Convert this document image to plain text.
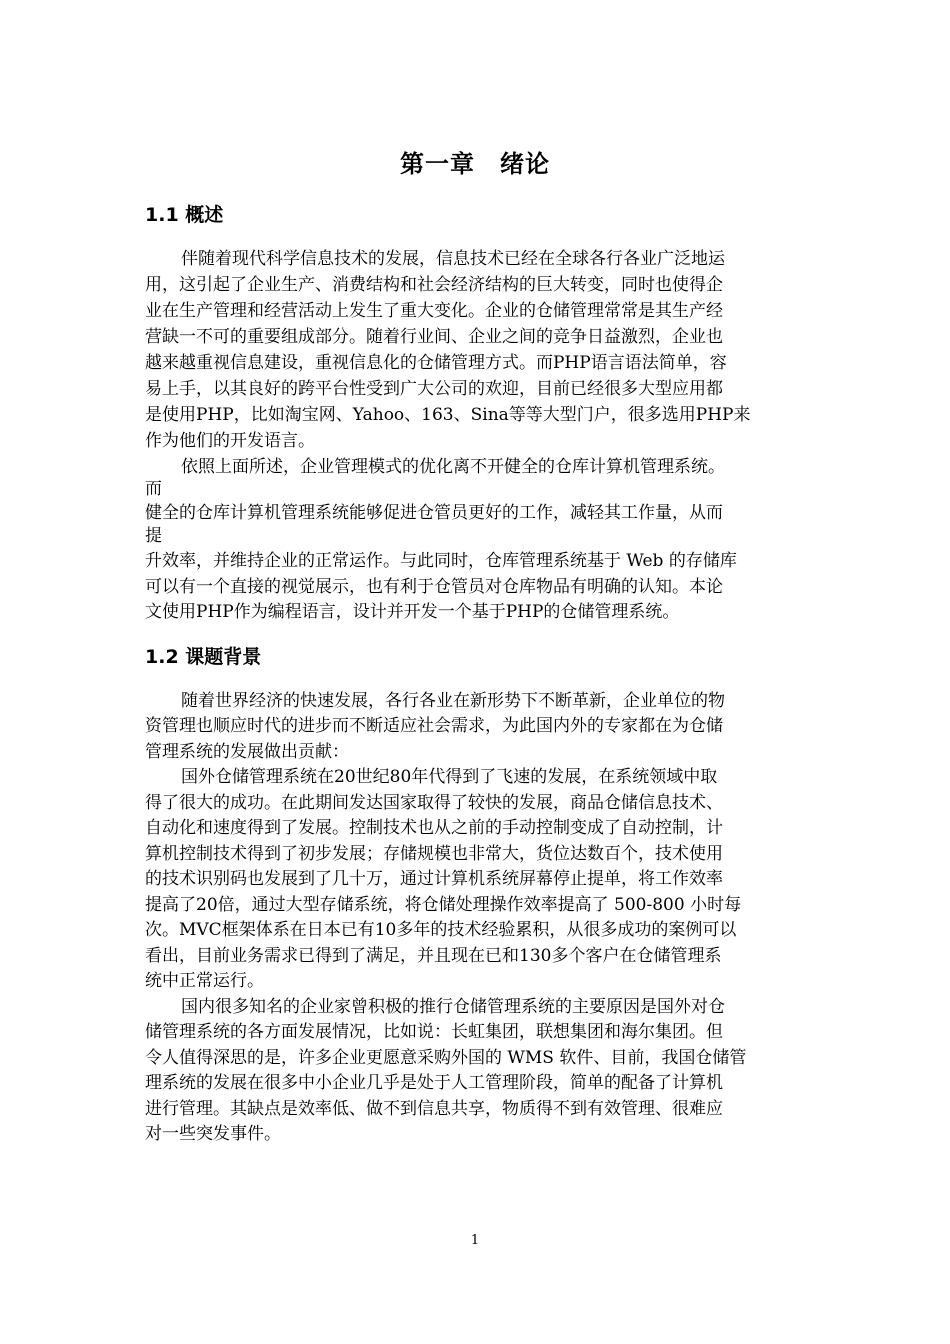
第一章　绪论
1.1 概述

伴随着现代科学信息技术的发展，信息技术已经在全球各行各业广泛地运

用，这引起了企业生产、消费结构和社会经济结构的巨大转变，同时也使得企

业在生产管理和经营活动上发生了重大变化。企业的仓储管理常常是其生产经

营缺一不可的重要组成部分。随着行业间、企业之间的竞争日益激烈，企业也

越来越重视信息建设，重视信息化的仓储管理方式。而PHP语言语法简单，容

易上手，以其良好的跨平台性受到广大公司的欢迎，目前已经很多大型应用都

是使用PHP，比如淘宝网、Yahoo、163、Sina等等大型门户，很多选用PHP来

作为他们的开发语言。

依照上面所述，企业管理模式的优化离不开健全的仓库计算机管理系统。

而

健全的仓库计算机管理系统能够促进仓管员更好的工作，减轻其工作量，从而

提

升效率，并维持企业的正常运作。与此同时，仓库管理系统基于 Web 的存储库

可以有一个直接的视觉展示，也有利于仓管员对仓库物品有明确的认知。本论

文使用PHP作为编程语言，设计并开发一个基于PHP的仓储管理系统。

1.2 课题背景

随着世界经济的快速发展，各行各业在新形势下不断革新，企业单位的物

资管理也顺应时代的进步而不断适应社会需求，为此国内外的专家都在为仓储

管理系统的发展做出贡献：

国外仓储管理系统在20世纪80年代得到了飞速的发展，在系统领域中取

得了很大的成功。在此期间发达国家取得了较快的发展，商品仓储信息技术、

自动化和速度得到了发展。控制技术也从之前的手动控制变成了自动控制，计

算机控制技术得到了初步发展；存储规模也非常大，货位达数百个，技术使用

的技术识别码也发展到了几十万，通过计算机系统屏幕停止提单，将工作效率

提高了20倍，通过大型存储系统，将仓储处理操作效率提高了 500-800 小时每

次。MVC框架体系在日本已有10多年的技术经验累积，从很多成功的案例可以

看出，目前业务需求已得到了满足，并且现在已和130多个客户在仓储管理系

统中正常运行。

国内很多知名的企业家曾积极的推行仓储管理系统的主要原因是国外对仓

储管理系统的各方面发展情况，比如说：长虹集团，联想集团和海尔集团。但

令人值得深思的是，许多企业更愿意采购外国的 WMS 软件、目前，我国仓储管

理系统的发展在很多中小企业几乎是处于人工管理阶段，简单的配备了计算机

进行管理。其缺点是效率低、做不到信息共享，物质得不到有效管理、很难应

对一些突发事件。

1
